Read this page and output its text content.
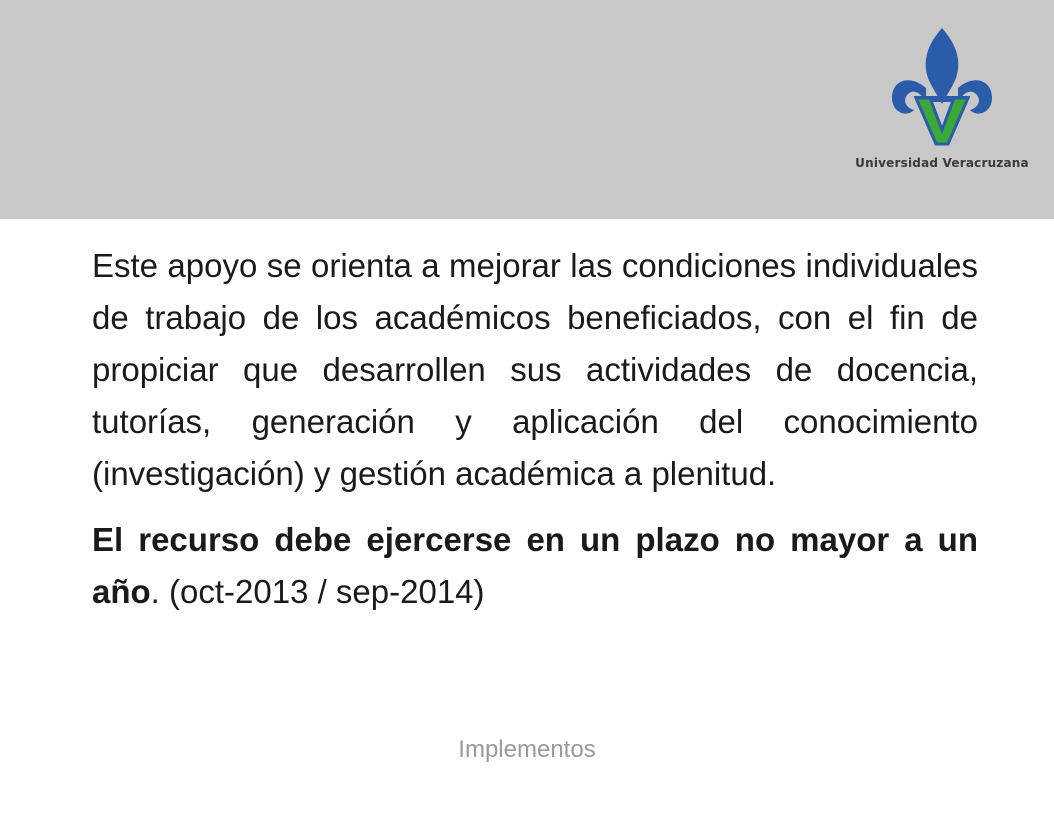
Universidad Veracruzana

Este apoyo se orienta a mejorar las condiciones individuales de trabajo de los académicos beneficiados, con el fin de propiciar que desarrollen sus actividades de docencia, tutorías, generación y aplicación del conocimiento (investigación) y gestión académica a plenitud.

El recurso debe ejercerse en un plazo no mayor a un año. (oct-2013 / sep-2014)

Implementos
